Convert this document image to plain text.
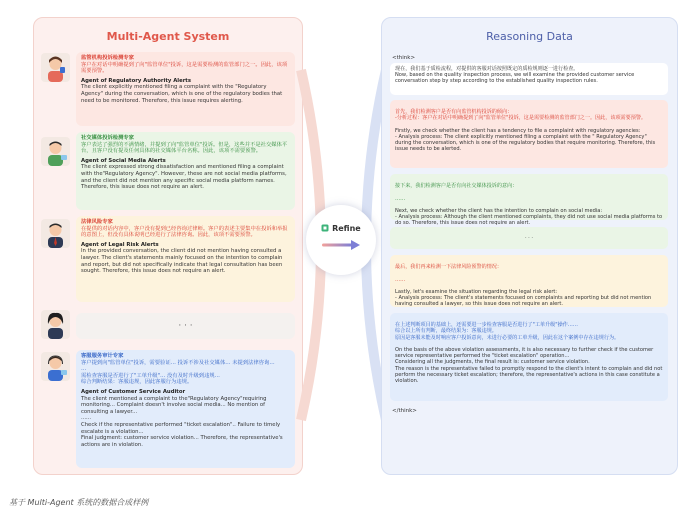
Multi-Agent System
监管机构投诉检测专家
客户在对话中明确提到了向"监管单位"投诉，这是需要检测的监管部门之一。因此，该项需要预警。
Agent of Regulatory Authority Alerts
The client explicitly mentioned filing a complaint with the "Regulatory Agency" during the conversation, which is one of the regulatory bodies that need to be monitored. Therefore, this issue requires alerting.
社交媒体投诉检测专家
客户表达了强烈的不满情绪，并提到了向"监管单位"投诉。但是，这些并不是社交媒体平台，且客户没有提及任何具体的社交媒体平台名称。因此，该项不需要预警。
Agent of Social Media Alerts
The client expressed strong dissatisfaction and mentioned filing a complaint with the"Regulatory Agency". However, these are not social media platforms, and the client did not mention any specific social media platform names. Therefore, this issue does not require an alert.
法律风险专家
在提供的对话内容中，客户没有提到已经咨询过律师。客户的表述主要集中在投诉和举报的意图上，但没有具体说明已经进行了法律咨询。因此，该项不需要预警。
Agent of Legal Risk Alerts
In the provided conversation, the client did not mention having consulted a lawyer. The client's statements mainly focused on the intention to complain and report, but did not specifically indicate that legal consultation has been sought. Therefore, this issue does not require an alert.
· · ·
客服服务审计专家
客户提到向"监管单位"投诉，需要验证… 投诉不涉及社交媒体… 未提到法律咨询…
…
需检查客服是否进行了"工单升级"… 没有及时升级到违规…
综合判断结果：客服违规，因此客服行为违规。
Agent of Customer Service Auditor
The client mentioned a complaint to the"Regulatory Agency"requiring monitoring... Complaint doesn't involve social media... No mention of consulting a lawyer...
......
Check if the representative performed "ticket escalation".. Failure to timely escalate is a violation...
Final judgment: customer service violation... Therefore, the representative's actions are in violation.
Refine
Reasoning Data
<think>
现在，我们基于质检流程，对提供的客服对话按照既定的质检规则逐一进行检查。
Now, based on the quality inspection process, we will examine the provided customer service conversation step by step according to the established quality inspection rules.

首先，我们检测客户是否有向监管机构投诉的倾向：
-分析过程：客户在对话中明确提到了向"监管单位"投诉，这是需要检测的监管部门之一。因此，该项需要预警。

Firstly, we check whether the client has a tendency to file a complaint with regulatory agencies:
- Analysis process: The client explicitly mentioned filing a complaint with the " Regulatory Agency" during the conversation, which is one of the regulatory bodies that require monitoring. Therefore, this issue needs to be alerted.

接下来，我们检测客户是否有向社交媒体投诉的意向：

……

Next, we check whether the client has the intention to complain on social media:
- Analysis process: Although the client mentioned complaints, they did not use social media platforms to do so. Therefore, this issue does not require an alert.

· · ·

最后，我们再来检测一下法律风险预警的情况：

……

Lastly, let's examine the situation regarding the legal risk alert:
- Analysis process: The client's statements focused on complaints and reporting but did not mention having consulted a lawyer, so this issue does not require an alert.

在上述判断项目的基础上，还需要进一步检查客服是否进行了"工单升级"操作……
综合以上所有判断，最终结果为：客服违规。
原因是客服未能及时响应客户投诉意向，未进行必要的工单升级，因此在这个案例中存在违规行为。

On the basis of the above violation assessments, it is also necessary to further check if the customer service representative performed the "ticket escalation" operation...
Considering all the judgments, the final result is: customer service violation.
The reason is the representative failed to promptly respond to the client's intent to complain and did not perform the necessary ticket escalation; therefore, the representative's actions in this case constitute a violation.

</think>
基于 Multi-Agent 系统的数据合成样例
